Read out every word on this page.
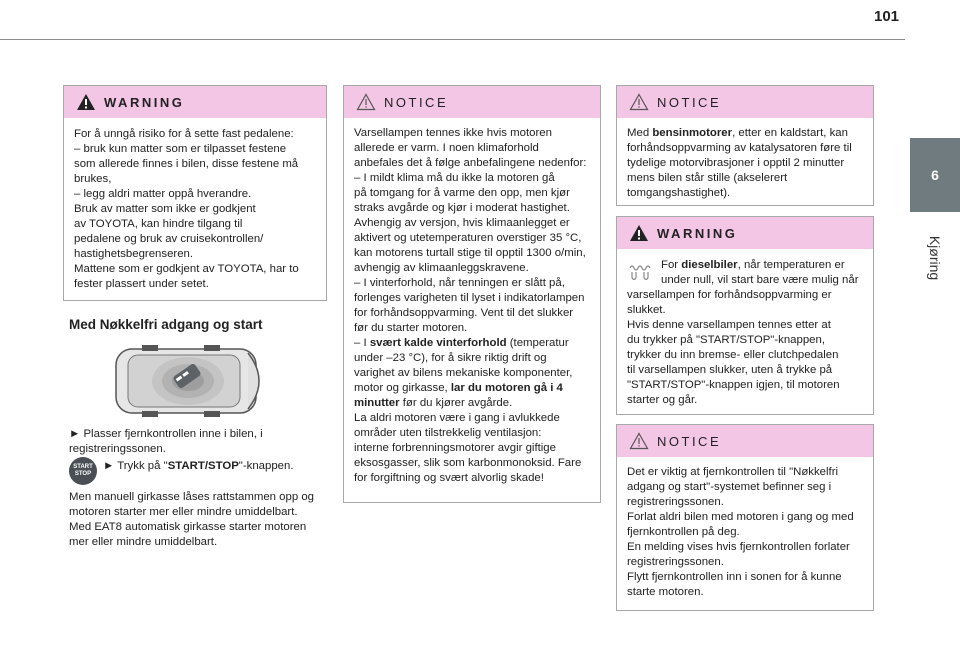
101
6
Kjøring
WARNING

For å unngå risiko for å sette fast pedalene:

– bruk kun matter som er tilpasset festene

som allerede finnes i bilen, disse festene må

brukes,

– legg aldri matter oppå hverandre.

Bruk av matter som ikke er godkjent

av TOYOTA, kan hindre tilgang til

pedalene og bruk av cruisekontrollen/

hastighetsbegrenseren.

Mattene som er godkjent av TOYOTA, har to

fester plassert under setet.

Med Nøkkelfri adgang og start

► Plasser fjernkontrollen inne i bilen, i

registreringssonen.

START
STOP

► Trykk på "START/STOP"-knappen.

Men manuell girkasse låses rattstammen opp og

motoren starter mer eller mindre umiddelbart.

Med EAT8 automatisk girkasse starter motoren

mer eller mindre umiddelbart.

NOTICE

Varsellampen tennes ikke hvis motoren

allerede er varm. I noen klimaforhold

anbefales det å følge anbefalingene nedenfor:

– I mildt klima må du ikke la motoren gå

på tomgang for å varme den opp, men kjør

straks avgårde og kjør i moderat hastighet.

Avhengig av versjon, hvis klimaanlegget er

aktivert og utetemperaturen overstiger 35 °C,

kan motorens turtall stige til opptil 1300 o/min,

avhengig av klimaanleggskravene.

– I vinterforhold, når tenningen er slått på,

forlenges varigheten til lyset i indikatorlampen

for forhåndsoppvarming. Vent til det slukker

før du starter motoren.

– I svært kalde vinterforhold (temperatur

under –23 °C), for å sikre riktig drift og

varighet av bilens mekaniske komponenter,

motor og girkasse, lar du motoren gå i 4

minutter før du kjører avgårde.

La aldri motoren være i gang i avlukkede

områder uten tilstrekkelig ventilasjon:

interne forbrenningsmotorer avgir giftige

eksosgasser, slik som karbonmonoksid. Fare

for forgiftning og svært alvorlig skade!

NOTICE

Med bensinmotorer, etter en kaldstart, kan

forhåndsoppvarming av katalysatoren føre til

tydelige motorvibrasjoner i opptil 2 minutter

mens bilen står stille (akselerert

tomgangshastighet).

WARNING

For dieselbiler, når temperaturen er

under null, vil start bare være mulig når

varsellampen for forhåndsoppvarming er

slukket.

Hvis denne varsellampen tennes etter at

du trykker på "START/STOP"-knappen,

trykker du inn bremse- eller clutchpedalen

til varsellampen slukker, uten å trykke på

"START/STOP"-knappen igjen, til motoren

starter og går.

NOTICE

Det er viktig at fjernkontrollen til "Nøkkelfri

adgang og start"-systemet befinner seg i

registreringssonen.

Forlat aldri bilen med motoren i gang og med

fjernkontrollen på deg.

En melding vises hvis fjernkontrollen forlater

registreringssonen.

Flytt fjernkontrollen inn i sonen for å kunne

starte motoren.
